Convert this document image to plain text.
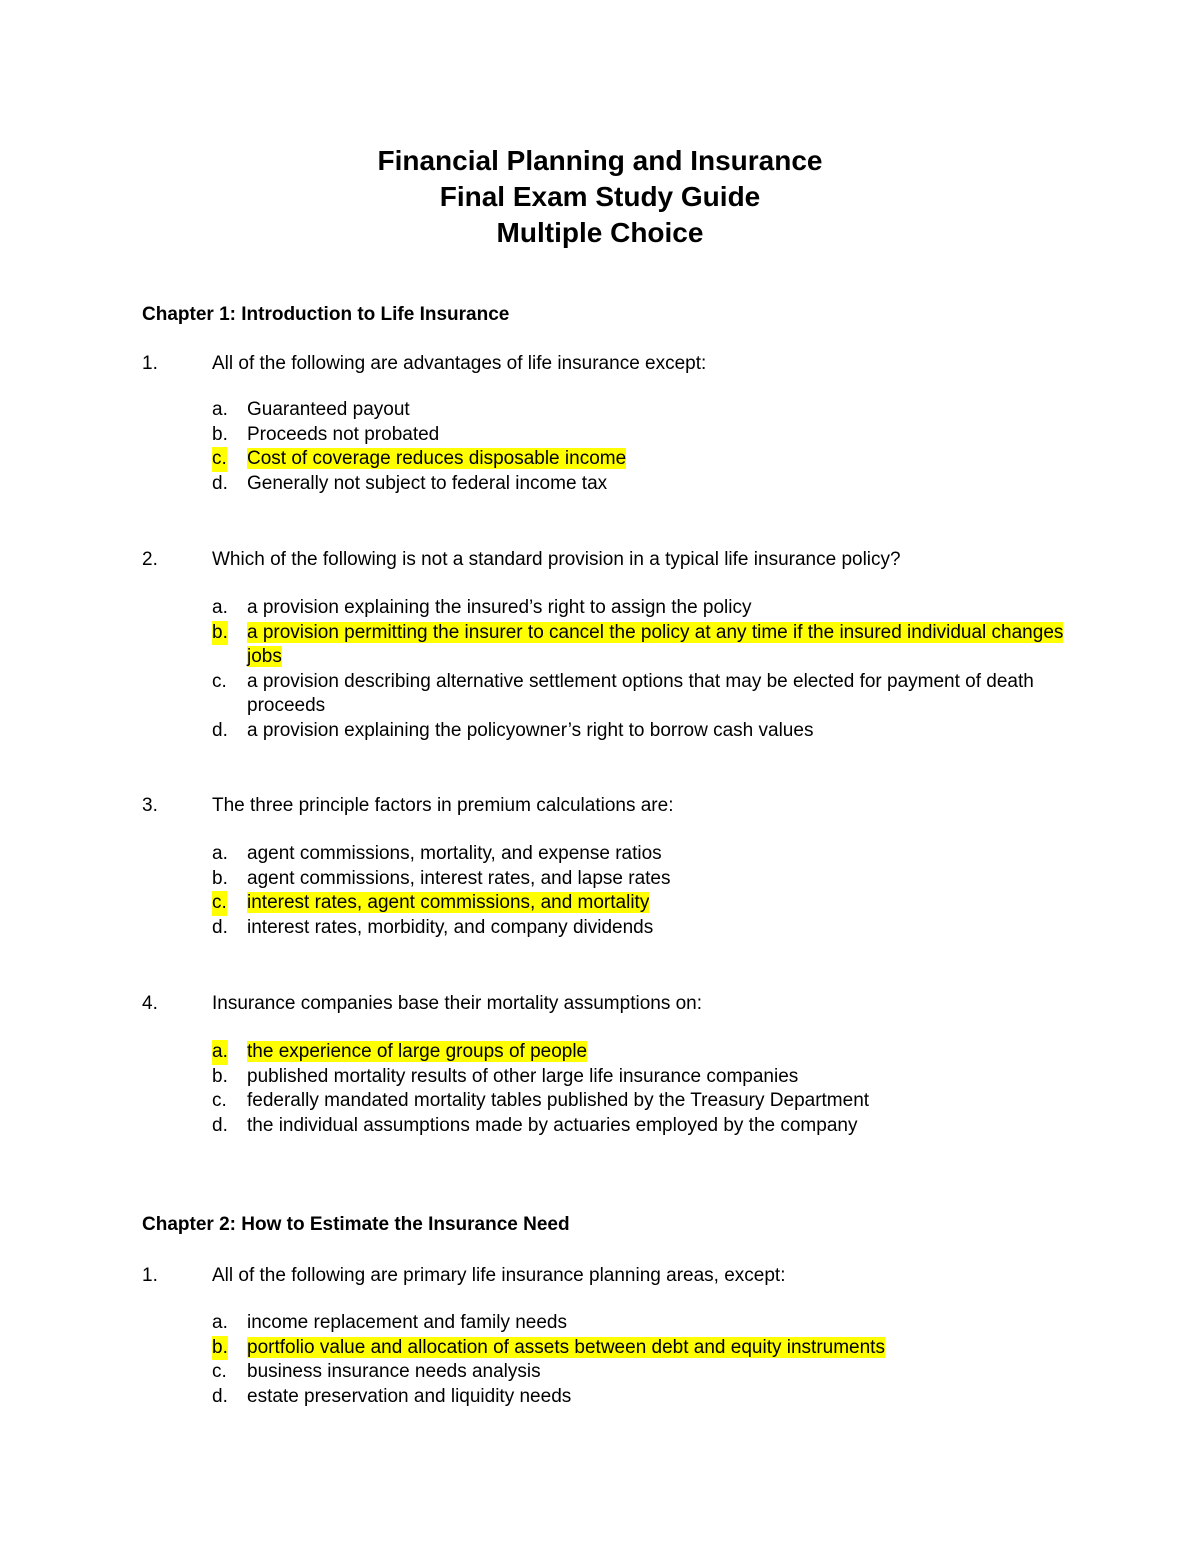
Financial Planning and Insurance
Final Exam Study Guide
Multiple Choice
Chapter 1: Introduction to Life Insurance
1.	All of the following are advantages of life insurance except:
a. Guaranteed payout
b. Proceeds not probated
c. Cost of coverage reduces disposable income
d. Generally not subject to federal income tax
2.	Which of the following is not a standard provision in a typical life insurance policy?
a. a provision explaining the insured’s right to assign the policy
b. a provision permitting the insurer to cancel the policy at any time if the insured individual changes jobs
c. a provision describing alternative settlement options that may be elected for payment of death proceeds
d. a provision explaining the policyowner’s right to borrow cash values
3.	The three principle factors in premium calculations are:
a. agent commissions, mortality, and expense ratios
b. agent commissions, interest rates, and lapse rates
c. interest rates, agent commissions, and mortality
d. interest rates, morbidity, and company dividends
4.	Insurance companies base their mortality assumptions on:
a. the experience of large groups of people
b. published mortality results of other large life insurance companies
c. federally mandated mortality tables published by the Treasury Department
d. the individual assumptions made by actuaries employed by the company
Chapter 2: How to Estimate the Insurance Need
1.	All of the following are primary life insurance planning areas, except:
a. income replacement and family needs
b. portfolio value and allocation of assets between debt and equity instruments
c. business insurance needs analysis
d. estate preservation and liquidity needs
